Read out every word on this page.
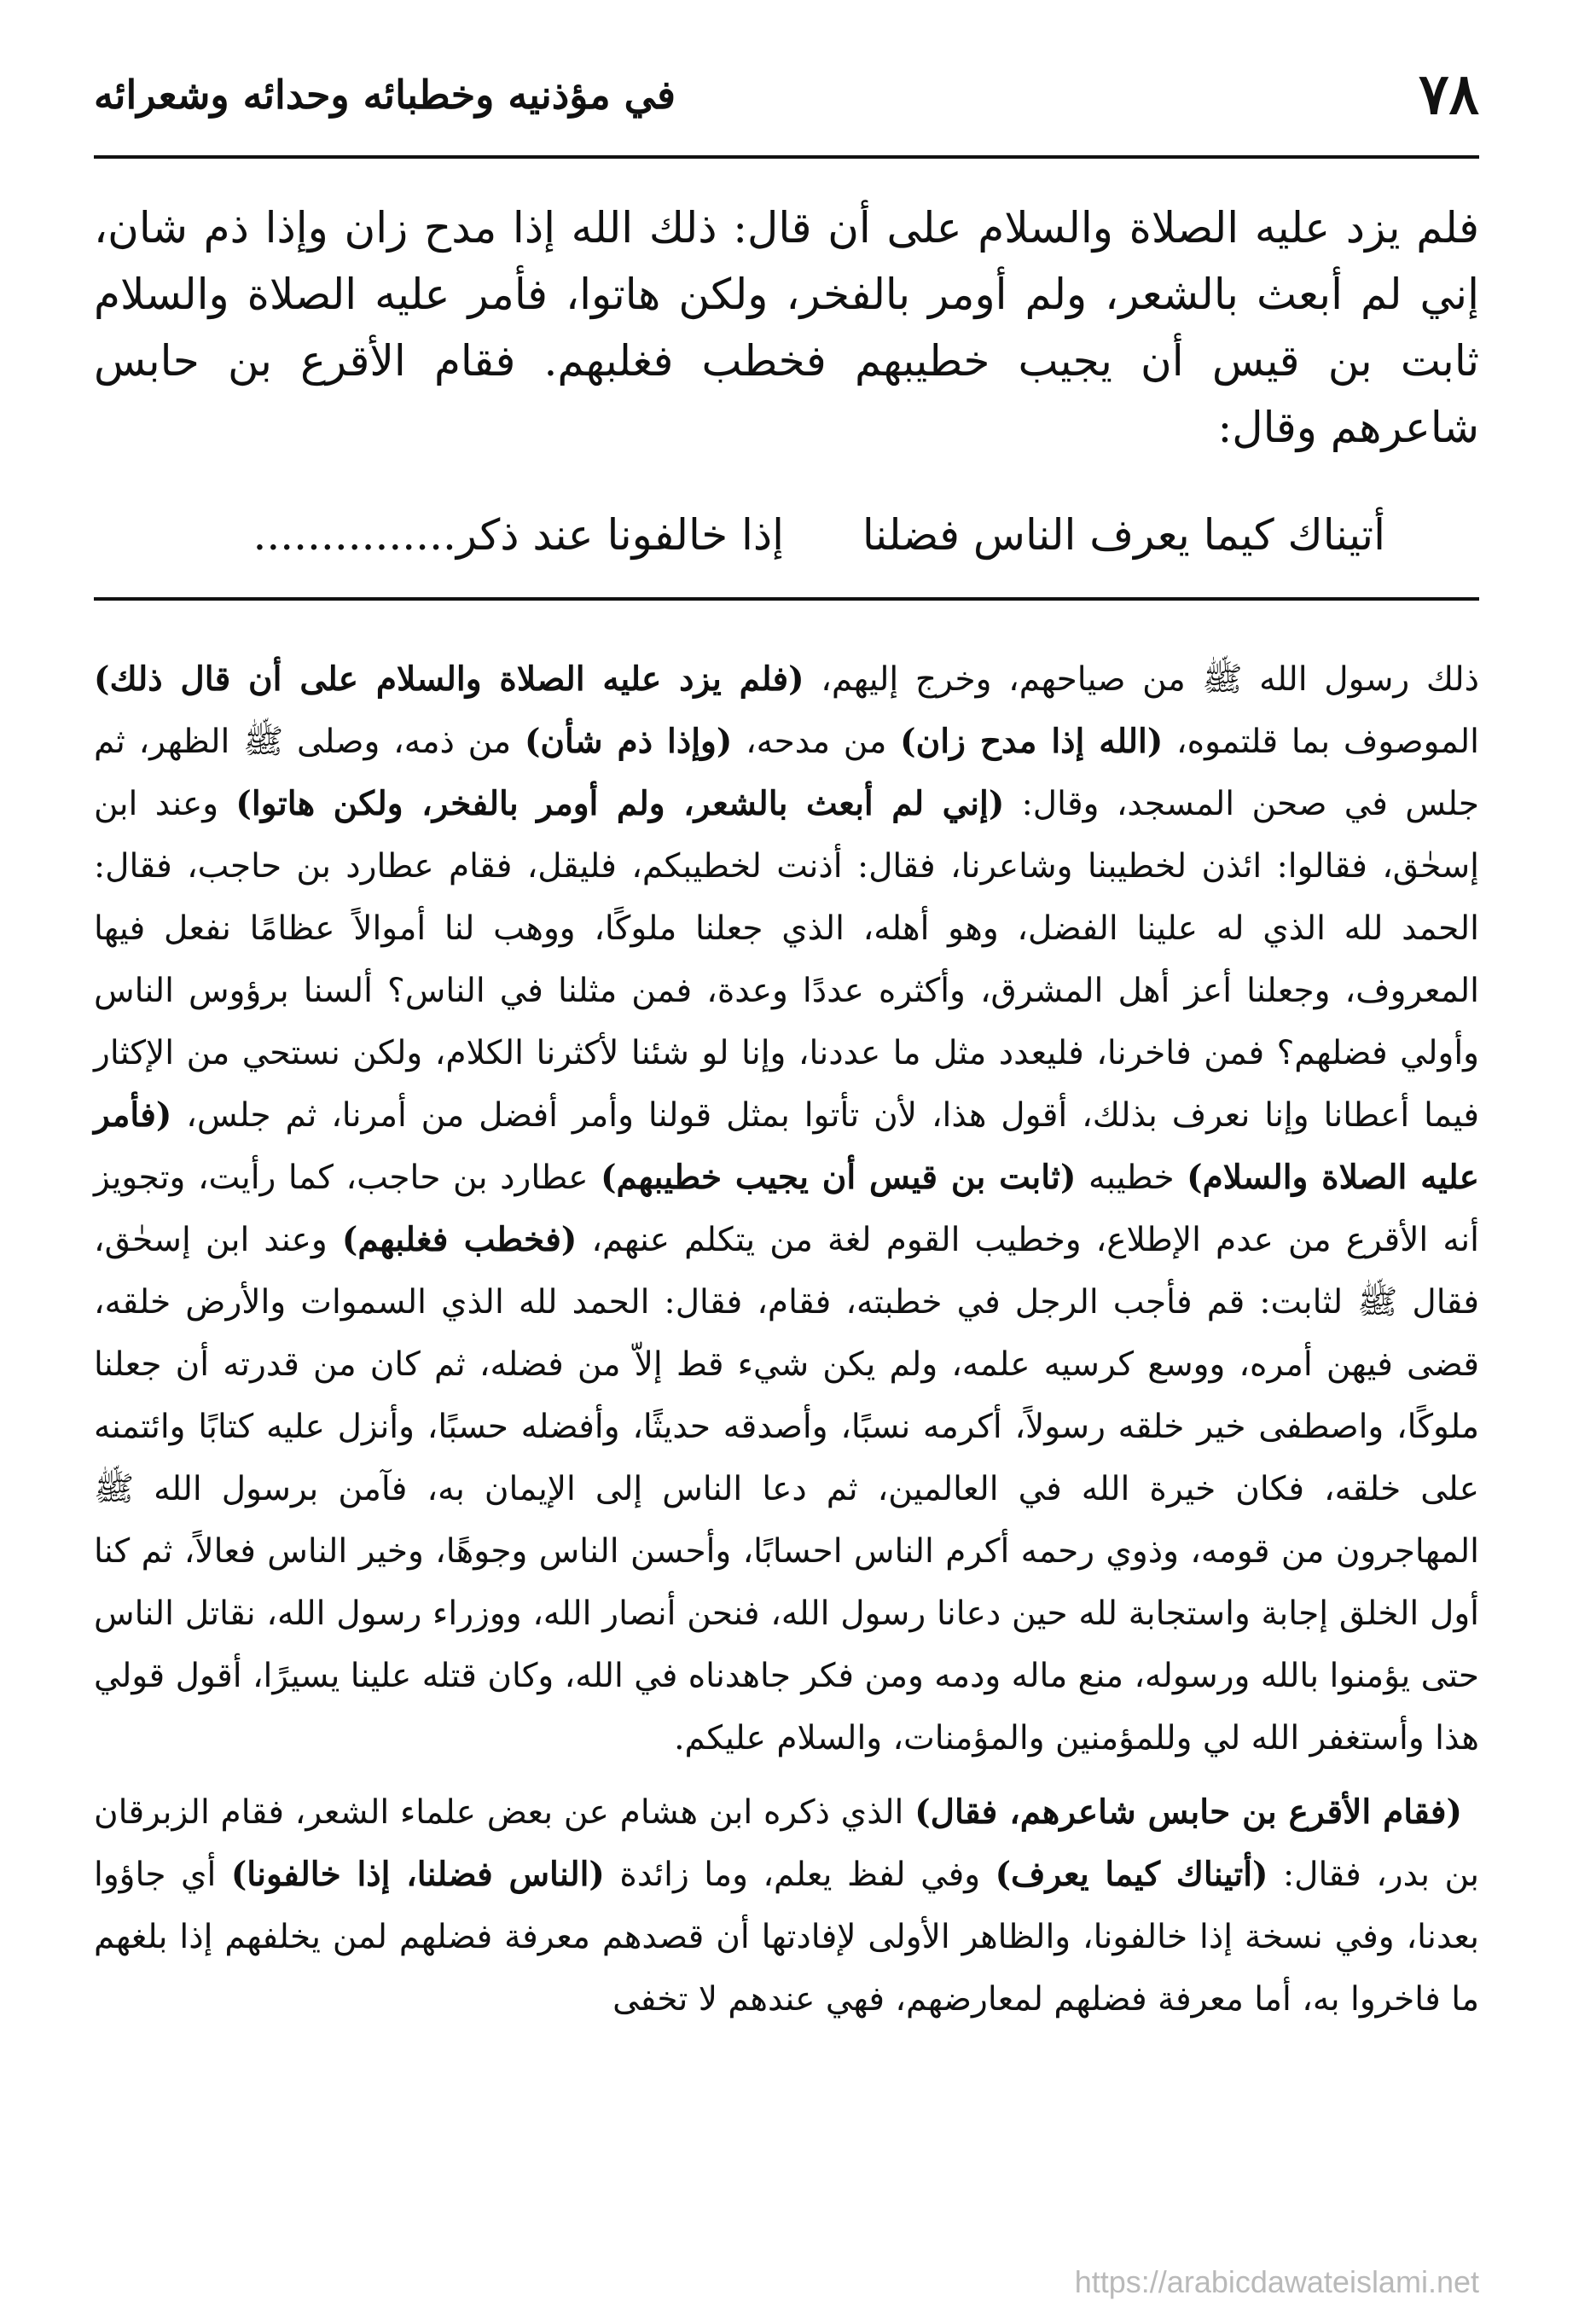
٧٨
في مؤذنيه وخطبائه وحدائه وشعرائه

فلم يزد عليه الصلاة والسلام على أن قال: ذلك الله إذا مدح زان وإذا ذم شان، إني لم أبعث بالشعر، ولم أومر بالفخر، ولكن هاتوا، فأمر عليه الصلاة والسلام ثابت بن قيس أن يجيب خطيبهم فخطب فغلبهم. فقام الأقرع بن حابس شاعرهم وقال:

أتيناك كيما يعرف الناس فضلنا  إذا خالفونا عند ذكر...............

ذلك رسول الله ﷺ من صياحهم، وخرج إليهم، (فلم يزد عليه الصلاة والسلام على أن قال ذلك) الموصوف بما قلتموه، (الله إذا مدح زان) من مدحه، (وإذا ذم شأن) من ذمه، وصلى ﷺ الظهر، ثم جلس في صحن المسجد، وقال: (إني لم أبعث بالشعر، ولم أومر بالفخر، ولكن هاتوا) وعند ابن إسحٰق، فقالوا: ائذن لخطيبنا وشاعرنا، فقال: أذنت لخطيبكم، فليقل، فقام عطارد بن حاجب، فقال: الحمد لله الذي له علينا الفضل، وهو أهله، الذي جعلنا ملوكًا، ووهب لنا أموالاً عظامًا نفعل فيها المعروف، وجعلنا أعز أهل المشرق، وأكثره عددًا وعدة، فمن مثلنا في الناس؟ ألسنا برؤوس الناس وأولي فضلهم؟ فمن فاخرنا، فليعدد مثل ما عددنا، وإنا لو شئنا لأكثرنا الكلام، ولكن نستحي من الإكثار فيما أعطانا وإنا نعرف بذلك، أقول هذا، لأن تأتوا بمثل قولنا وأمر أفضل من أمرنا، ثم جلس، (فأمر عليه الصلاة والسلام) خطيبه (ثابت بن قيس أن يجيب خطيبهم) عطارد بن حاجب، كما رأيت، وتجويز أنه الأقرع من عدم الإطلاع، وخطيب القوم لغة من يتكلم عنهم، (فخطب فغلبهم) وعند ابن إسحٰق، فقال ﷺ لثابت: قم فأجب الرجل في خطبته، فقام، فقال: الحمد لله الذي السموات والأرض خلقه، قضى فيهن أمره، ووسع كرسيه علمه، ولم يكن شيء قط إلاّ من فضله، ثم كان من قدرته أن جعلنا ملوكًا، واصطفى خير خلقه رسولاً، أكرمه نسبًا، وأصدقه حديثًا، وأفضله حسبًا، وأنزل عليه كتابًا وائتمنه على خلقه، فكان خيرة الله في العالمين، ثم دعا الناس إلى الإيمان به، فآمن برسول الله ﷺ المهاجرون من قومه، وذوي رحمه أكرم الناس احسابًا، وأحسن الناس وجوهًا، وخير الناس فعالاً، ثم كنا أول الخلق إجابة واستجابة لله حين دعانا رسول الله، فنحن أنصار الله، ووزراء رسول الله، نقاتل الناس حتى يؤمنوا بالله ورسوله، منع ماله ودمه ومن فكر جاهدناه في الله، وكان قتله علينا يسيرًا، أقول قولي هذا وأستغفر الله لي وللمؤمنين والمؤمنات، والسلام عليكم.

(فقام الأقرع بن حابس شاعرهم، فقال) الذي ذكره ابن هشام عن بعض علماء الشعر، فقام الزبرقان بن بدر، فقال: (أتيناك كيما يعرف) وفي لفظ يعلم، وما زائدة (الناس فضلنا، إذا خالفونا) أي جاؤوا بعدنا، وفي نسخة إذا خالفونا، والظاهر الأولى لإفادتها أن قصدهم معرفة فضلهم لمن يخلفهم إذا بلغهم ما فاخروا به، أما معرفة فضلهم لمعارضهم، فهي عندهم لا تخفى

https://arabicdawateislami.net
